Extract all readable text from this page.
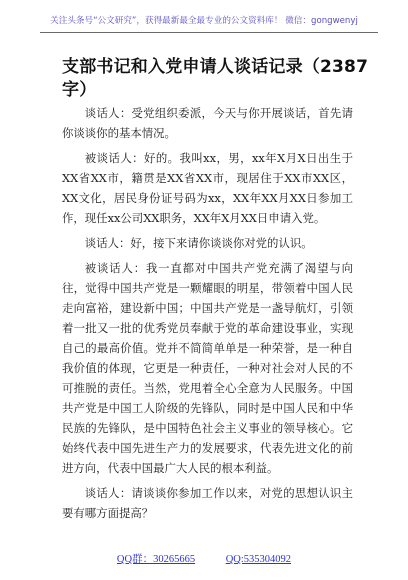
关注头条号“公文研究”，获得最新最全最专业的公文资料库！ 微信：gongwenyj
支部书记和入党申请人谈话记录（2387字）

谈话人：受党组织委派，今天与你开展谈话，首先请你谈谈你的基本情况。

被谈话人：好的。我叫xx，男，xx年X月X日出生于XX省XX市，籍贯是XX省XX市，现居住于XX市XX区，XX文化，居民身份证号码为xx，XX年XX月XX日参加工作，现任xx公司XX职务，XX年X月XX日申请入党。

谈话人：好，接下来请你谈谈你对党的认识。

被谈话人：我一直都对中国共产党充满了渴望与向往，觉得中国共产党是一颗耀眼的明星，带领着中国人民走向富裕，建设新中国；中国共产党是一盏导航灯，引领着一批又一批的优秀党员奉献于党的革命建设事业，实现自己的最高价值。党并不简简单单是一种荣誉，是一种自我价值的体现，它更是一种责任，一种对社会对人民的不可推脱的责任。当然，党甩着全心全意为人民服务。中国共产党是中国工人阶级的先锋队，同时是中国人民和中华民族的先锋队，是中国特色社会主义事业的领导核心。它始终代表中国先进生产力的发展要求，代表先进文化的前进方向，代表中国最广大人民的根本利益。

谈话人：请谈谈你参加工作以来，对党的思想认识主要有哪方面提高？

QQ群：30265665	QQ:535304092
